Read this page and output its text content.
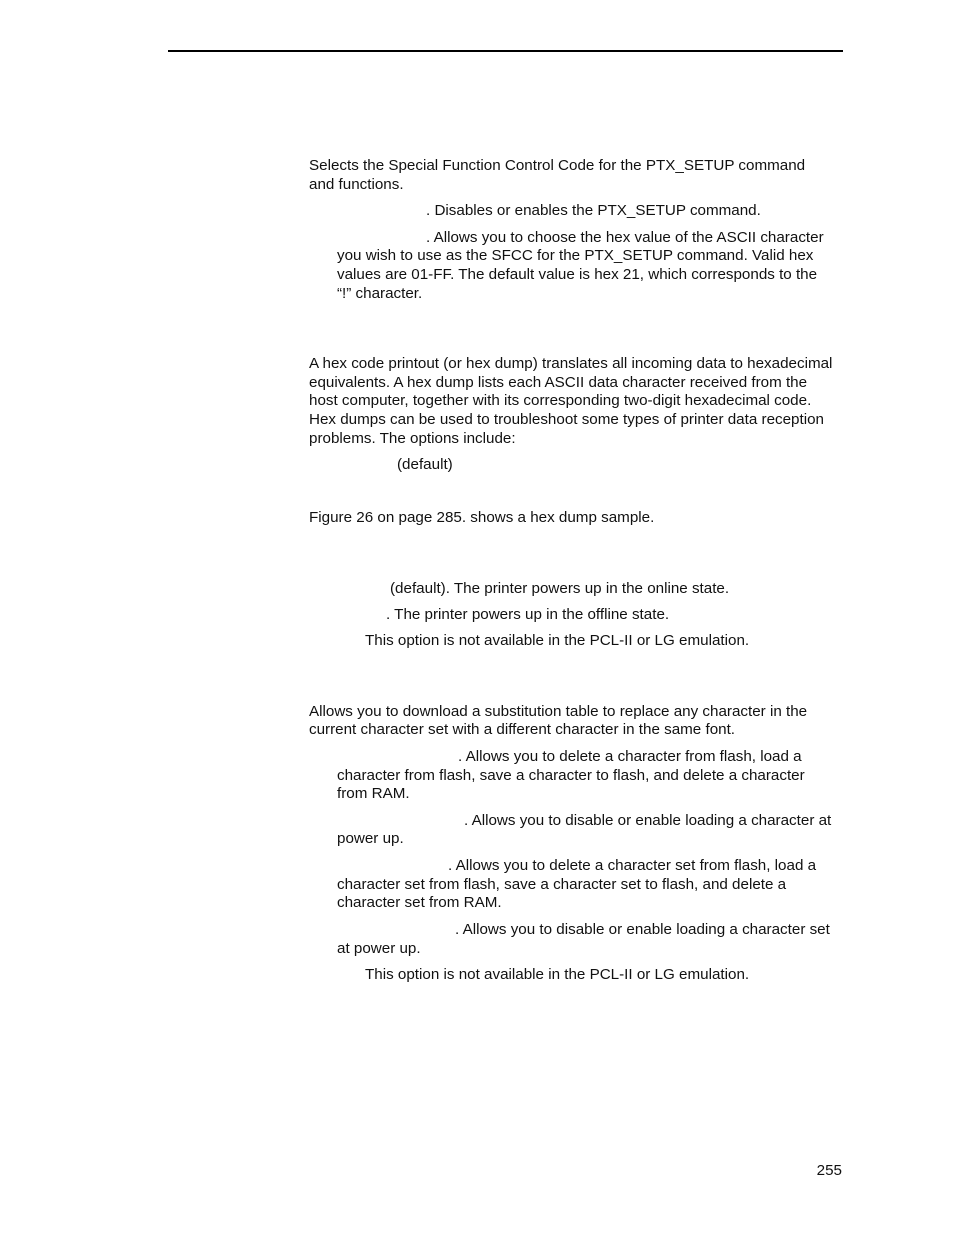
Selects the Special Function Control Code for the PTX_SETUP command

and functions.

. Disables or enables the PTX_SETUP command.

. Allows you to choose the hex value of the ASCII character

you wish to use as the SFCC for the PTX_SETUP command. Valid hex

values are 01-FF. The default value is hex 21, which corresponds to the

“!” character.

A hex code printout (or hex dump) translates all incoming data to hexadecimal

equivalents. A hex dump lists each ASCII data character received from the

host computer, together with its corresponding two-digit hexadecimal code.

Hex dumps can be used to troubleshoot some types of printer data reception

problems. The options include:

(default)

Figure 26 on page 285. shows a hex dump sample.

(default). The printer powers up in the online state.

. The printer powers up in the offline state.

This option is not available in the PCL-II or LG emulation.

Allows you to download a substitution table to replace any character in the

current character set with a different character in the same font.

. Allows you to delete a character from flash, load a

character from flash, save a character to flash, and delete a character

from RAM.

. Allows you to disable or enable loading a character at

power up.

. Allows you to delete a character set from flash, load a

character set from flash, save a character set to flash, and delete a

character set from RAM.

. Allows you to disable or enable loading a character set

at power up.

This option is not available in the PCL-II or LG emulation.

255
